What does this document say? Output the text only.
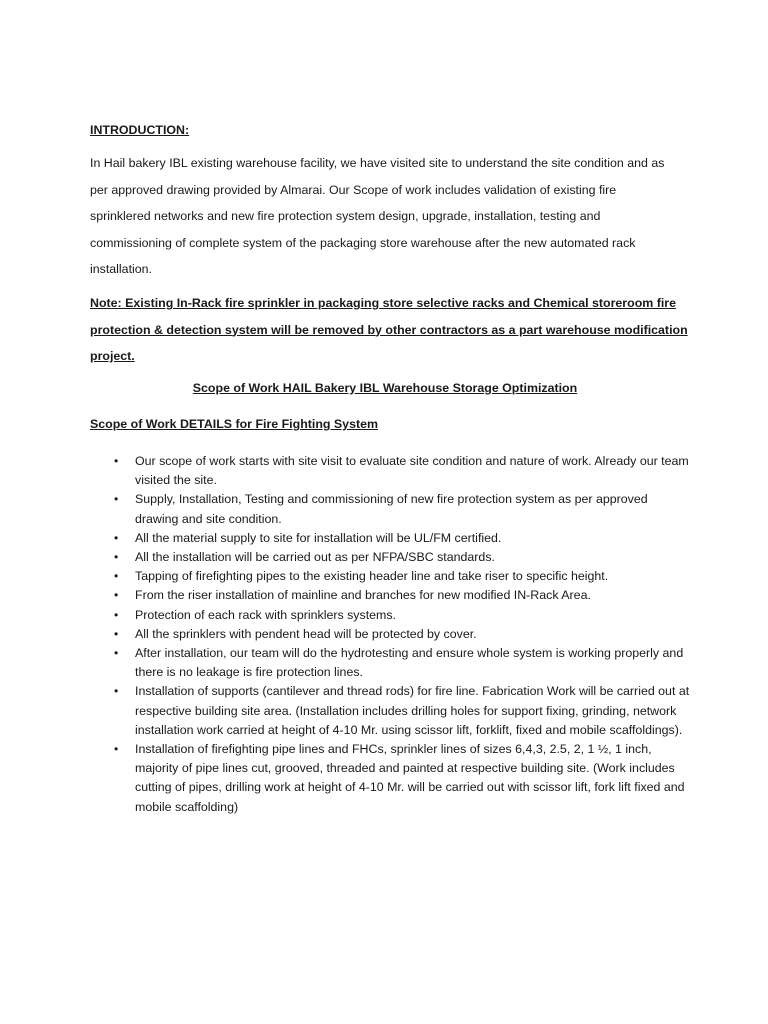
INTRODUCTION:

In Hail bakery IBL existing warehouse facility, we have visited site to understand the site condition and as per approved drawing provided by Almarai. Our Scope of work includes validation of existing fire sprinklered networks and new fire protection system design, upgrade, installation, testing and commissioning of complete system of the packaging store warehouse after the new automated rack installation.

Note: Existing In-Rack fire sprinkler in packaging store selective racks and Chemical storeroom fire protection & detection system will be removed by other contractors as a part warehouse modification project.

Scope of Work HAIL Bakery IBL Warehouse Storage Optimization

Scope of Work DETAILS for Fire Fighting System

• Our scope of work starts with site visit to evaluate site condition and nature of work. Already our team visited the site.
• Supply, Installation, Testing and commissioning of new fire protection system as per approved drawing and site condition.
• All the material supply to site for installation will be UL/FM certified.
• All the installation will be carried out as per NFPA/SBC standards.
• Tapping of firefighting pipes to the existing header line and take riser to specific height.
• From the riser installation of mainline and branches for new modified IN-Rack Area.
• Protection of each rack with sprinklers systems.
• All the sprinklers with pendent head will be protected by cover.
• After installation, our team will do the hydrotesting and ensure whole system is working properly and there is no leakage is fire protection lines.
• Installation of supports (cantilever and thread rods) for fire line. Fabrication Work will be carried out at respective building site area. (Installation includes drilling holes for support fixing, grinding, network installation work carried at height of 4-10 Mr. using scissor lift, forklift, fixed and mobile scaffoldings).
• Installation of firefighting pipe lines and FHCs, sprinkler lines of sizes 6,4,3, 2.5, 2, 1 ½, 1 inch, majority of pipe lines cut, grooved, threaded and painted at respective building site. (Work includes cutting of pipes, drilling work at height of 4-10 Mr. will be carried out with scissor lift, fork lift fixed and mobile scaffolding)
